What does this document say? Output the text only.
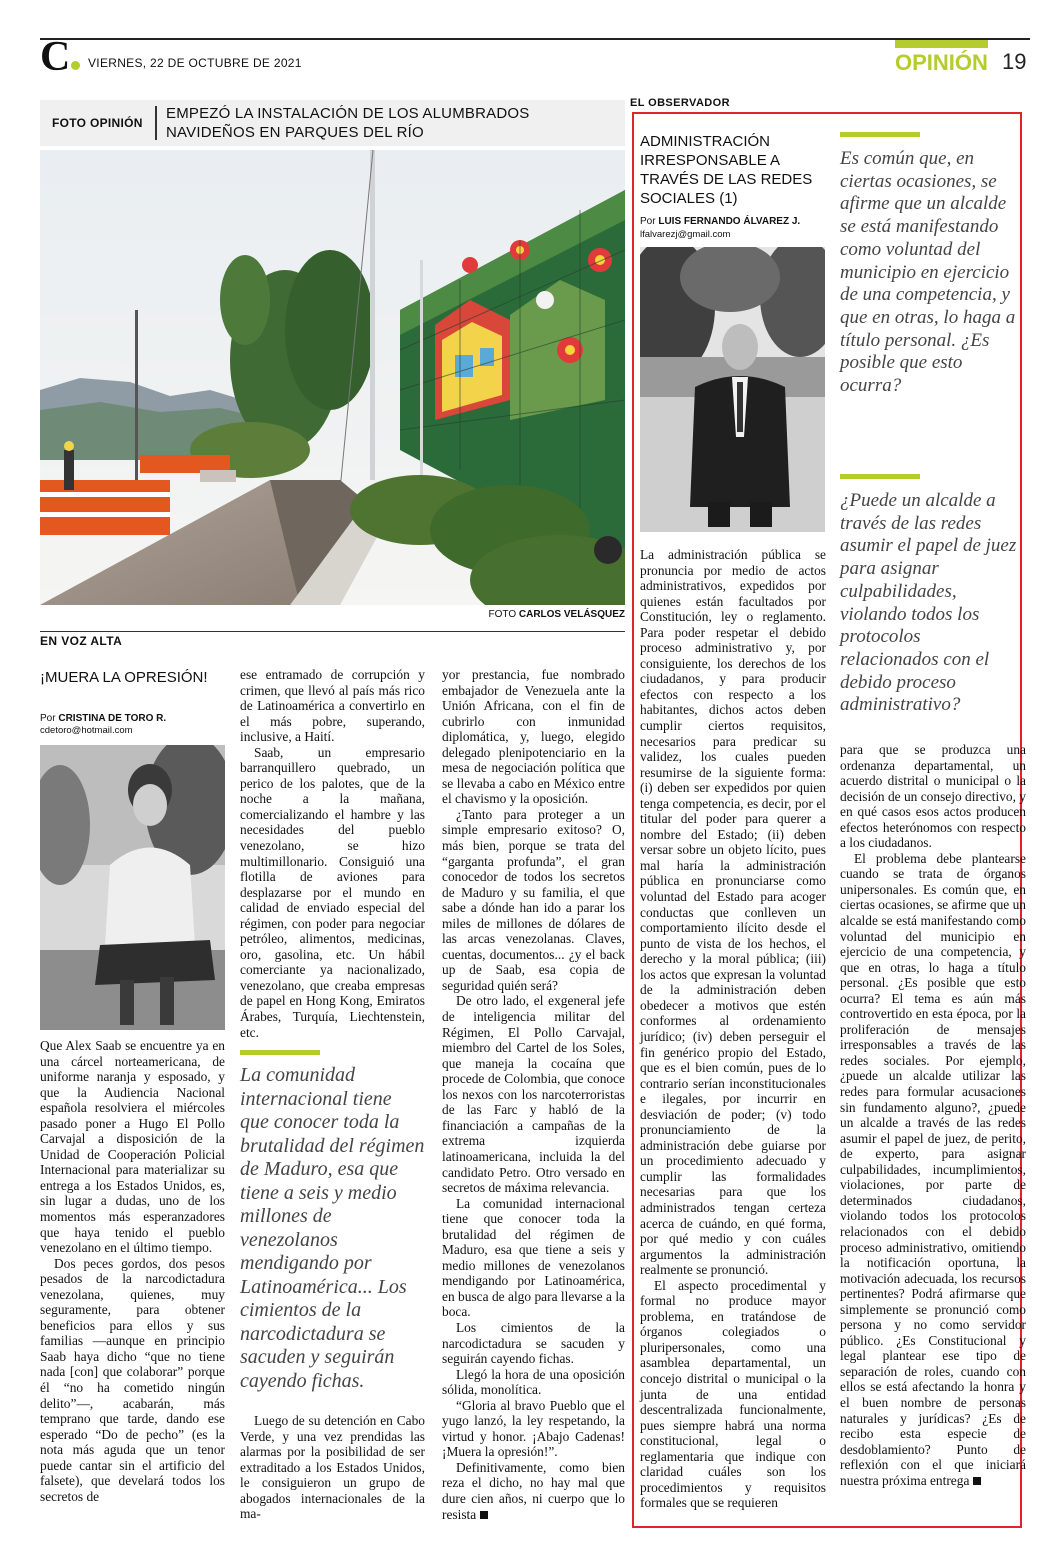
C	VIERNES, 22 DE OCTUBRE DE 2021	OPINIÓN 19
FOTO OPINIÓN
EMPEZÓ LA INSTALACIÓN DE LOS ALUMBRADOS NAVIDEÑOS EN PARQUES DEL RÍO
FOTO CARLOS VELÁSQUEZ
EN VOZ ALTA
¡MUERA LA OPRESIÓN!
Por CRISTINA DE TORO R.
cdetoro@hotmail.com

Que Alex Saab se encuentre ya en una cárcel norteamericana, de uniforme naranja y esposado, y que la Audiencia Nacional española resolviera el miércoles pasado poner a Hugo El Pollo Carvajal a disposición de la Unidad de Cooperación Policial Internacional para materializar su entrega a los Estados Unidos, es, sin lugar a dudas, uno de los momentos más esperanzadores que haya tenido el pueblo venezolano en el último tiempo.

Dos peces gordos, dos pesos pesados de la narcodictadura venezolana, quienes, muy seguramente, para obtener beneficios para ellos y sus familias —aunque en principio Saab haya dicho “que no tiene nada [con] que colaborar” porque él “no ha cometido ningún delito”—, acabarán, más temprano que tarde, dando ese esperado “Do de pecho” (es la nota más aguda que un tenor puede cantar sin el artificio del falsete), que develará todos los secretos de

ese entramado de corrupción y crimen, que llevó al país más rico de Latinoamérica a convertirlo en el más pobre, superando, inclusive, a Haití.

Saab, un empresario barranquillero quebrado, un perico de los palotes, que de la noche a la mañana, comercializando el hambre y las necesidades del pueblo venezolano, se hizo multimillonario. Consiguió una flotilla de aviones para desplazarse por el mundo en calidad de enviado especial del régimen, con poder para negociar petróleo, alimentos, medicinas, oro, gasolina, etc. Un hábil comerciante ya nacionalizado, venezolano, que creaba empresas de papel en Hong Kong, Emiratos Árabes, Turquía, Liechtenstein, etc.

La comunidad internacional tiene que conocer toda la brutalidad del régimen de Maduro, esa que tiene a seis y medio millones de venezolanos mendigando por Latinoamérica... Los cimientos de la narcodictadura se sacuden y seguirán cayendo fichas.

Luego de su detención en Cabo Verde, y una vez prendidas las alarmas por la posibilidad de ser extraditado a los Estados Unidos, le consiguieron un grupo de abogados internacionales de la ma-

yor prestancia, fue nombrado embajador de Venezuela ante la Unión Africana, con el fin de cubrirlo con inmunidad diplomática, y, luego, elegido delegado plenipotenciario en la mesa de negociación política que se llevaba a cabo en México entre el chavismo y la oposición.

¿Tanto para proteger a un simple empresario exitoso? O, más bien, porque se trata del “garganta profunda”, el gran conocedor de todos los secretos de Maduro y su familia, el que sabe a dónde han ido a parar los miles de millones de dólares de las arcas venezolanas. Claves, cuentas, documentos... ¿y el back up de Saab, esa copia de seguridad quién será?

De otro lado, el exgeneral jefe de inteligencia militar del Régimen, El Pollo Carvajal, miembro del Cartel de los Soles, que maneja la cocaína que procede de Colombia, que conoce los nexos con los narcoterroristas de las Farc y habló de la financiación a campañas de la extrema izquierda latinoamericana, incluida la del candidato Petro. Otro versado en secretos de máxima relevancia.

La comunidad internacional tiene que conocer toda la brutalidad del régimen de Maduro, esa que tiene a seis y medio millones de venezolanos mendigando por Latinoamérica, en busca de algo para llevarse a la boca.

Los cimientos de la narcodictadura se sacuden y seguirán cayendo fichas.

Llegó la hora de una oposición sólida, monolítica.

“Gloria al bravo Pueblo que el yugo lanzó, la ley respetando, la virtud y honor. ¡Abajo Cadenas! ¡Muera la opresión!”.

Definitivamente, como bien reza el dicho, no hay mal que dure cien años, ni cuerpo que lo resista

EL OBSERVADOR
ADMINISTRACIÓN IRRESPONSABLE A TRAVÉS DE LAS REDES SOCIALES (1)
Por LUIS FERNANDO ÁLVAREZ J.
lfalvarezj@gmail.com
Es común que, en ciertas ocasiones, se afirme que un alcalde se está manifestando como voluntad del municipio en ejercicio de una competencia, y que en otras, lo haga a título personal. ¿Es posible que esto ocurra?
¿Puede un alcalde a través de las redes asumir el papel de juez para asignar culpabilidades, violando todos los protocolos relacionados con el debido proceso administrativo?

La administración pública se pronuncia por medio de actos administrativos, expedidos por quienes están facultados por Constitución, ley o reglamento. Para poder respetar el debido proceso administrativo y, por consiguiente, los derechos de los ciudadanos, y para producir efectos con respecto a los habitantes, dichos actos deben cumplir ciertos requisitos, necesarios para predicar su validez, los cuales pueden resumirse de la siguiente forma: (i) deben ser expedidos por quien tenga competencia, es decir, por el titular del poder para querer a nombre del Estado; (ii) deben versar sobre un objeto lícito, pues mal haría la administración pública en pronunciarse como voluntad del Estado para acoger conductas que conlleven un comportamiento ilícito desde el punto de vista de los hechos, el derecho y la moral pública; (iii) los actos que expresan la voluntad de la administración deben obedecer a motivos que estén conformes al ordenamiento jurídico; (iv) deben perseguir el fin genérico propio del Estado, que es el bien común, pues de lo contrario serían inconstitucionales e ilegales, por incurrir en desviación de poder; (v) todo pronunciamiento de la administración debe guiarse por un procedimiento adecuado y cumplir las formalidades necesarias para que los administrados tengan certeza acerca de cuándo, en qué forma, por qué medio y con cuáles argumentos la administración realmente se pronunció.

El aspecto procedimental y formal no produce mayor problema, en tratándose de órganos colegiados o pluripersonales, como una asamblea departamental, un concejo distrital o municipal o la junta de una entidad descentralizada funcionalmente, pues siempre habrá una norma constitucional, legal o reglamentaria que indique con claridad cuáles son los procedimientos y requisitos formales que se requieren

para que se produzca una ordenanza departamental, un acuerdo distrital o municipal o la decisión de un consejo directivo, y en qué casos esos actos producen efectos heterónomos con respecto a los ciudadanos.

El problema debe plantearse cuando se trata de órganos unipersonales. Es común que, en ciertas ocasiones, se afirme que un alcalde se está manifestando como voluntad del municipio en ejercicio de una competencia, y que en otras, lo haga a título personal. ¿Es posible que esto ocurra? El tema es aún más controvertido en esta época, por la proliferación de mensajes irresponsables a través de las redes sociales. Por ejemplo, ¿puede un alcalde utilizar las redes para formular acusaciones sin fundamento alguno?, ¿puede un alcalde a través de las redes asumir el papel de juez, de perito, de experto, para asignar culpabilidades, incumplimientos, violaciones, por parte de determinados ciudadanos, violando todos los protocolos relacionados con el debido proceso administrativo, omitiendo la notificación oportuna, la motivación adecuada, los recursos pertinentes? Podrá afirmarse que simplemente se pronunció como persona y no como servidor público. ¿Es Constitucional y legal plantear ese tipo de separación de roles, cuando con ellos se está afectando la honra y el buen nombre de personas naturales y jurídicas? ¿Es de recibo esta especie de desdoblamiento? Punto de reflexión con el que iniciará nuestra próxima entrega
